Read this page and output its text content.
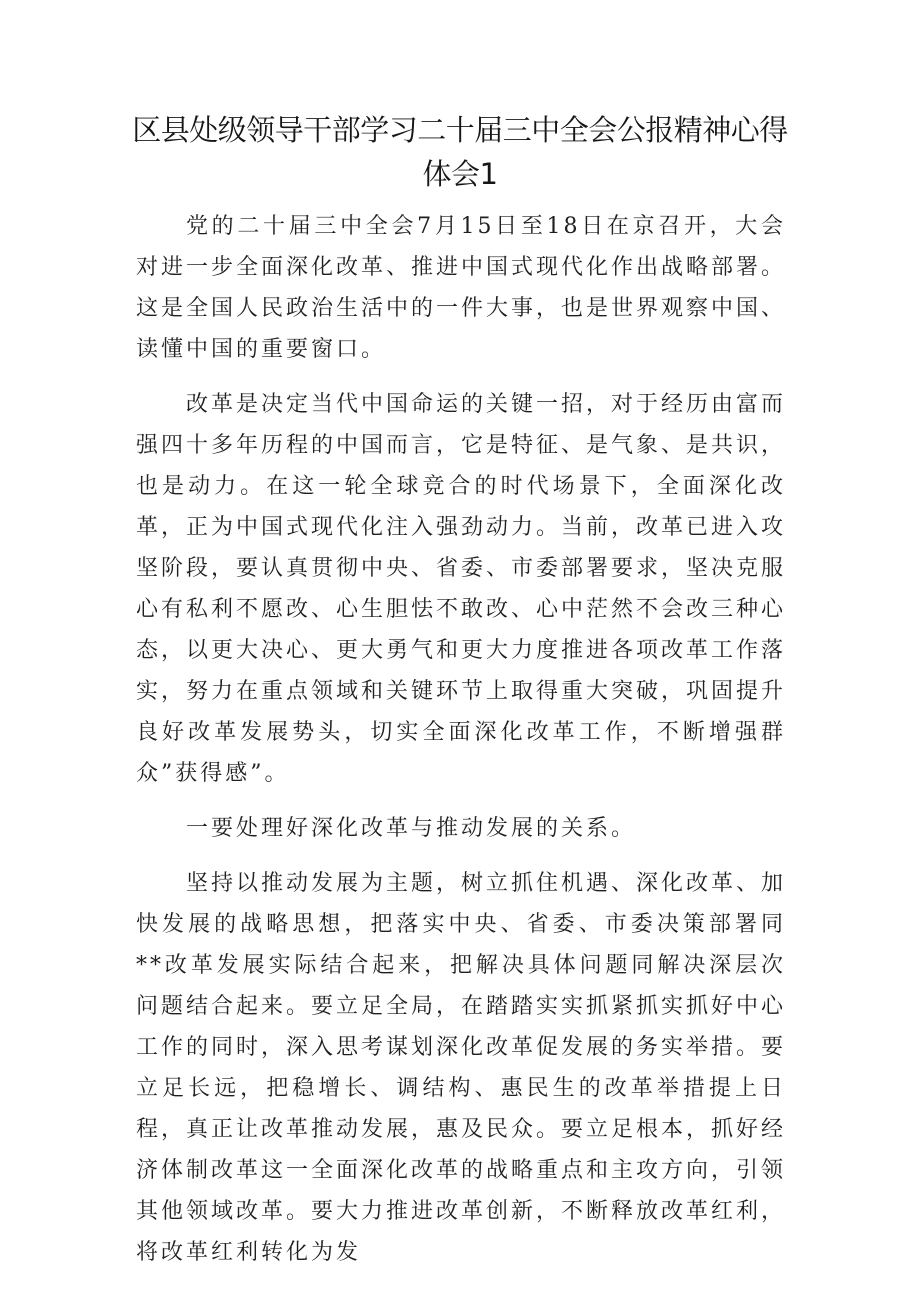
区县处级领导干部学习二十届三中全会公报精神心得体会1

党的二十届三中全会7月15日至18日在京召开，大会对进一步全面深化改革、推进中国式现代化作出战略部署。这是全国人民政治生活中的一件大事，也是世界观察中国、读懂中国的重要窗口。

改革是决定当代中国命运的关键一招，对于经历由富而强四十多年历程的中国而言，它是特征、是气象、是共识，也是动力。在这一轮全球竞合的时代场景下，全面深化改革，正为中国式现代化注入强劲动力。当前，改革已进入攻坚阶段，要认真贯彻中央、省委、市委部署要求，坚决克服心有私利不愿改、心生胆怯不敢改、心中茫然不会改三种心态，以更大决心、更大勇气和更大力度推进各项改革工作落实，努力在重点领域和关键环节上取得重大突破，巩固提升良好改革发展势头，切实全面深化改革工作，不断增强群众”获得感”。

一要处理好深化改革与推动发展的关系。

坚持以推动发展为主题，树立抓住机遇、深化改革、加快发展的战略思想，把落实中央、省委、市委决策部署同**改革发展实际结合起来，把解决具体问题同解决深层次问题结合起来。要立足全局，在踏踏实实抓紧抓实抓好中心工作的同时，深入思考谋划深化改革促发展的务实举措。要立足长远，把稳增长、调结构、惠民生的改革举措提上日程，真正让改革推动发展，惠及民众。要立足根本，抓好经济体制改革这一全面深化改革的战略重点和主攻方向，引领其他领域改革。要大力推进改革创新，不断释放改革红利，将改革红利转化为发
